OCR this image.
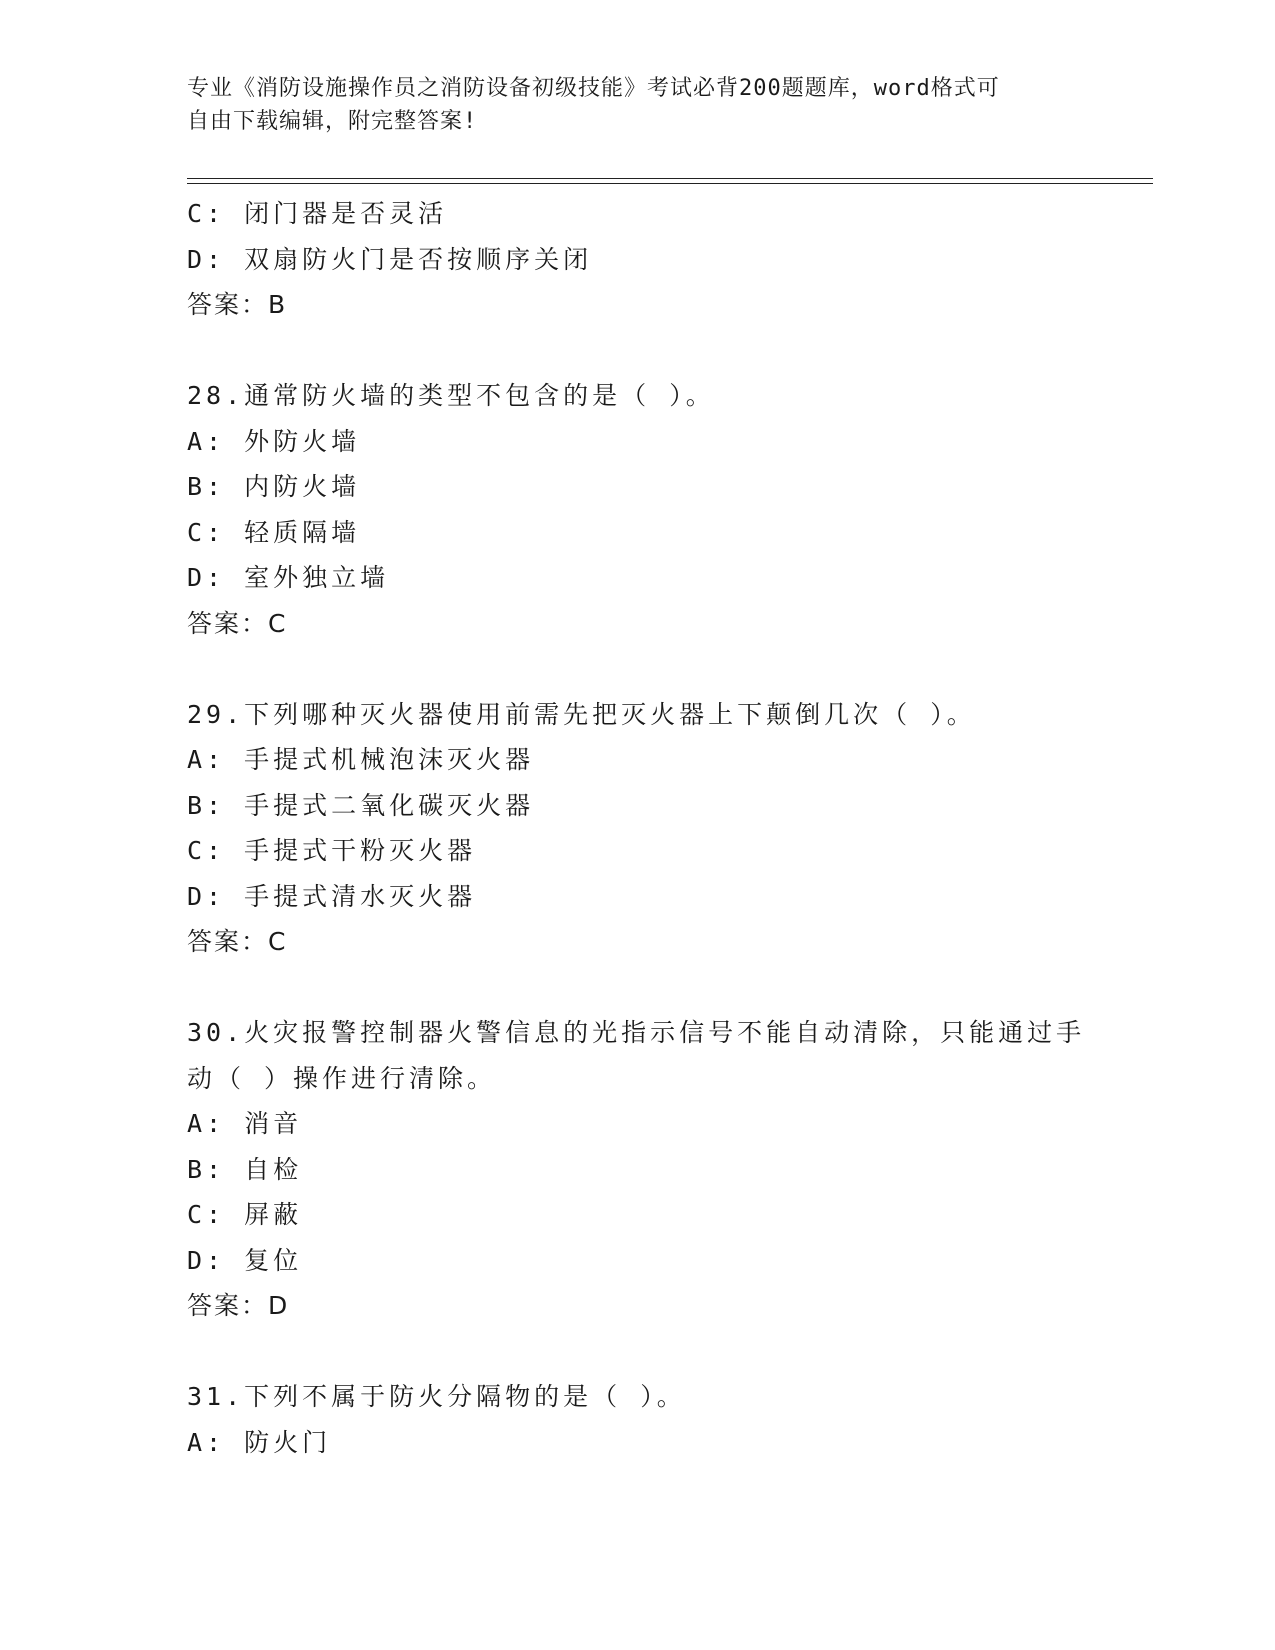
专业《消防设施操作员之消防设备初级技能》考试必背200题题库，word格式可
自由下载编辑，附完整答案!
C: 闭门器是否灵活
D: 双扇防火门是否按顺序关闭
答案：B
28.通常防火墙的类型不包含的是（ ）。
A: 外防火墙
B: 内防火墙
C: 轻质隔墙
D: 室外独立墙
答案：C
29.下列哪种灭火器使用前需先把灭火器上下颠倒几次（ ）。
A: 手提式机械泡沫灭火器
B: 手提式二氧化碳灭火器
C: 手提式干粉灭火器
D: 手提式清水灭火器
答案：C
30.火灾报警控制器火警信息的光指示信号不能自动清除，只能通过手
动（ ）操作进行清除。
A: 消音
B: 自检
C: 屏蔽
D: 复位
答案：D
31.下列不属于防火分隔物的是（ ）。
A: 防火门
